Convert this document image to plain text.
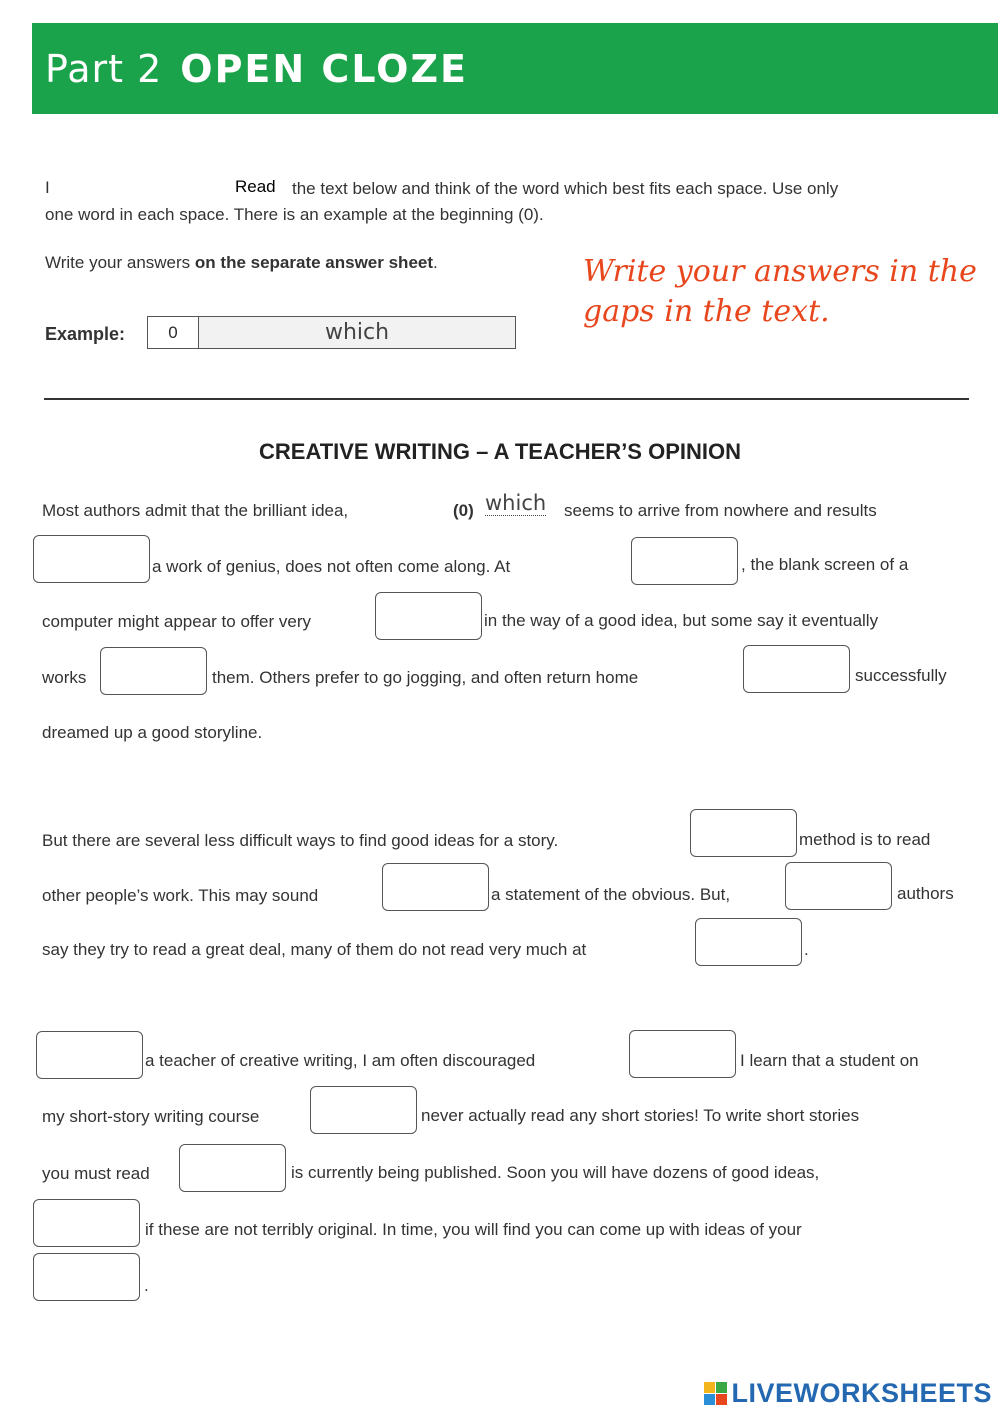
Part 2 OPEN CLOZE
I	Read the text below and think of the word which best fits each space. Use only
one word in each space. There is an example at the beginning (0).
Write your answers on the separate answer sheet.	Write your answers in the gaps in the text.
Example:	0	which
CREATIVE WRITING – A TEACHER’S OPINION
Most authors admit that the brilliant idea,	(0) which seems to arrive from nowhere and results
a work of genius, does not often come along. At	, the blank screen of a
computer might appear to offer very	in the way of a good idea, but some say it eventually
works	them. Others prefer to go jogging, and often return home	successfully
dreamed up a good storyline.
But there are several less difficult ways to find good ideas for a story.	method is to read
other people’s work. This may sound	a statement of the obvious. But,	authors
say they try to read a great deal, many of them do not read very much at	.
a teacher of creative writing, I am often discouraged	I learn that a student on
my short-story writing course	never actually read any short stories! To write short stories
you must read	is currently being published. Soon you will have dozens of good ideas,
if these are not terribly original. In time, you will find you can come up with ideas of your
.
LIVEWORKSHEETS
